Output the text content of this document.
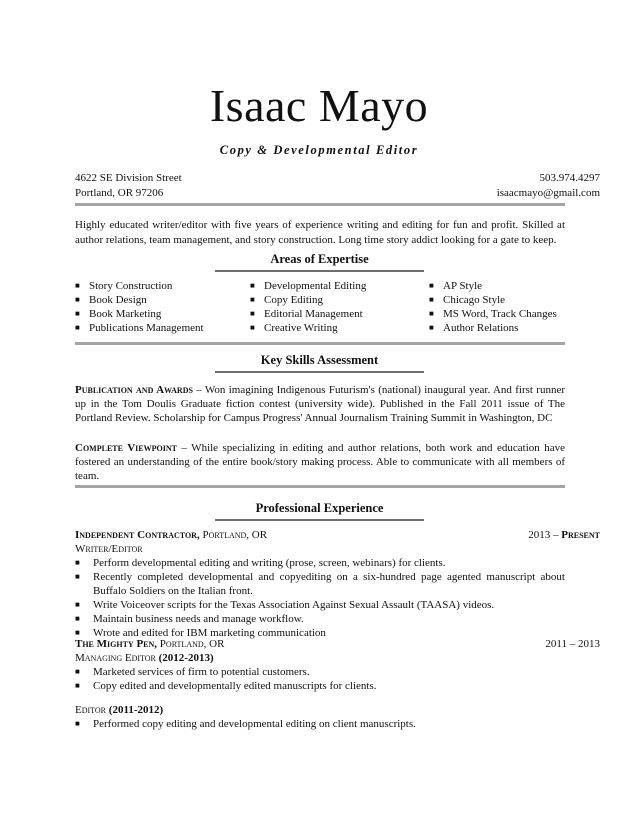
Isaac Mayo
Copy & Developmental Editor
4622 SE Division Street
Portland, OR 97206
503.974.4297
isaacmayo@gmail.com
Highly educated writer/editor with five years of experience writing and editing for fun and profit. Skilled at author relations, team management, and story construction. Long time story addict looking for a gate to keep.
Areas of Expertise
■ Story Construction
■ Book Design
■ Book Marketing
■ Publications Management
■ Developmental Editing
■ Copy Editing
■ Editorial Management
■ Creative Writing
■ AP Style
■ Chicago Style
■ MS Word, Track Changes
■ Author Relations
Key Skills Assessment
Publication and Awards – Won imagining Indigenous Futurism's (national) inaugural year. And first runner up in the Tom Doulis Graduate fiction contest (university wide). Published in the Fall 2011 issue of The Portland Review. Scholarship for Campus Progress' Annual Journalism Training Summit in Washington, DC
Complete Viewpoint – While specializing in editing and author relations, both work and education have fostered an understanding of the entire book/story making process. Able to communicate with all members of team.
Professional Experience
Independent Contractor, Portland, OR	2013 – Present
Writer/Editor
■ Perform developmental editing and writing (prose, screen, webinars) for clients.
■ Recently completed developmental and copyediting on a six-hundred page agented manuscript about Buffalo Soldiers on the Italian front.
■ Write Voiceover scripts for the Texas Association Against Sexual Assault (TAASA) videos.
■ Maintain business needs and manage workflow.
■ Wrote and edited for IBM marketing communication
The Mighty Pen, Portland, OR	2011 – 2013
Managing Editor (2012-2013)
■ Marketed services of firm to potential customers.
■ Copy edited and developmentally edited manuscripts for clients.
Editor (2011-2012)
■ Performed copy editing and developmental editing on client manuscripts.
